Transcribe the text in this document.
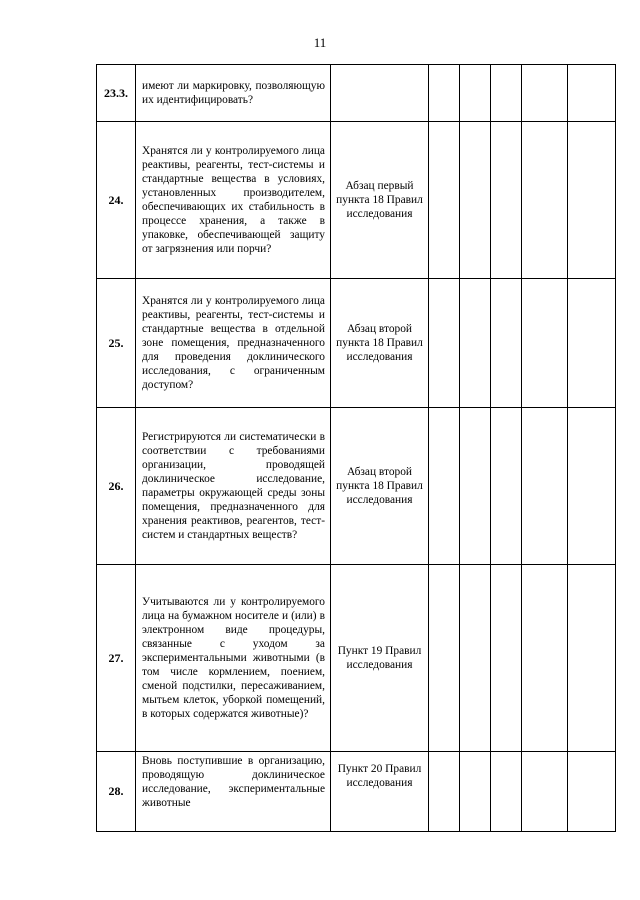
11
23.3.	имеют ли маркировку, позволяющую их идентифицировать?						
24.	Хранятся ли у контролируемого лица реактивы, реагенты, тест-системы и стандартные вещества в условиях, установленных производителем, обеспечивающих их стабильность в процессе хранения, а также в упаковке, обеспечивающей защиту от загрязнения или порчи?	Абзац первый пункта 18 Правил исследования					
25.	Хранятся ли у контролируемого лица реактивы, реагенты, тест-системы и стандартные вещества в отдельной зоне помещения, предназначенного для проведения доклинического исследования, с ограниченным доступом?	Абзац второй пункта 18 Правил исследования					
26.	Регистрируются ли систематически в соответствии с требованиями организации, проводящей доклиническое исследование, параметры окружающей среды зоны помещения, предназначенного для хранения реактивов, реагентов, тест-систем и стандартных веществ?	Абзац второй пункта 18 Правил исследования					
27.	Учитываются ли у контролируемого лица на бумажном носителе и (или) в электронном виде процедуры, связанные с уходом за экспериментальными животными (в том числе кормлением, поением, сменой подстилки, пересаживанием, мытьем клеток, уборкой помещений, в которых содержатся животные)?	Пункт 19 Правил исследования					
28.	Вновь поступившие в организацию, проводящую доклиническое исследование, экспериментальные животные	Пункт 20 Правил исследования					
